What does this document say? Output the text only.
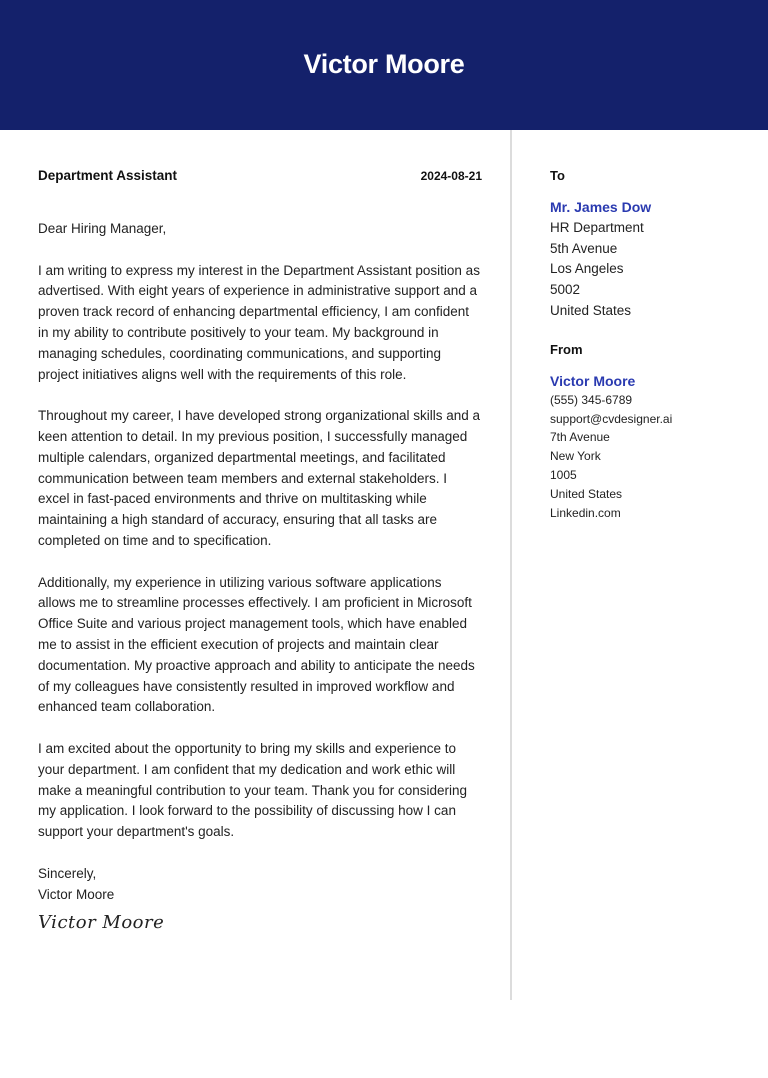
Victor Moore
Department Assistant	2024-08-21

Dear Hiring Manager,

I am writing to express my interest in the Department Assistant position as advertised. With eight years of experience in administrative support and a proven track record of enhancing departmental efficiency, I am confident in my ability to contribute positively to your team. My background in managing schedules, coordinating communications, and supporting project initiatives aligns well with the requirements of this role.

Throughout my career, I have developed strong organizational skills and a keen attention to detail. In my previous position, I successfully managed multiple calendars, organized departmental meetings, and facilitated communication between team members and external stakeholders. I excel in fast-paced environments and thrive on multitasking while maintaining a high standard of accuracy, ensuring that all tasks are completed on time and to specification.

Additionally, my experience in utilizing various software applications allows me to streamline processes effectively. I am proficient in Microsoft Office Suite and various project management tools, which have enabled me to assist in the efficient execution of projects and maintain clear documentation. My proactive approach and ability to anticipate the needs of my colleagues have consistently resulted in improved workflow and enhanced team collaboration.

I am excited about the opportunity to bring my skills and experience to your department. I am confident that my dedication and work ethic will make a meaningful contribution to your team. Thank you for considering my application. I look forward to the possibility of discussing how I can support your department's goals.

Sincerely,
Victor Moore
Victor Moore
To
Mr. James Dow
HR Department
5th Avenue
Los Angeles
5002
United States
From
Victor Moore
(555) 345-6789
support@cvdesigner.ai
7th Avenue
New York
1005
United States
Linkedin.com
